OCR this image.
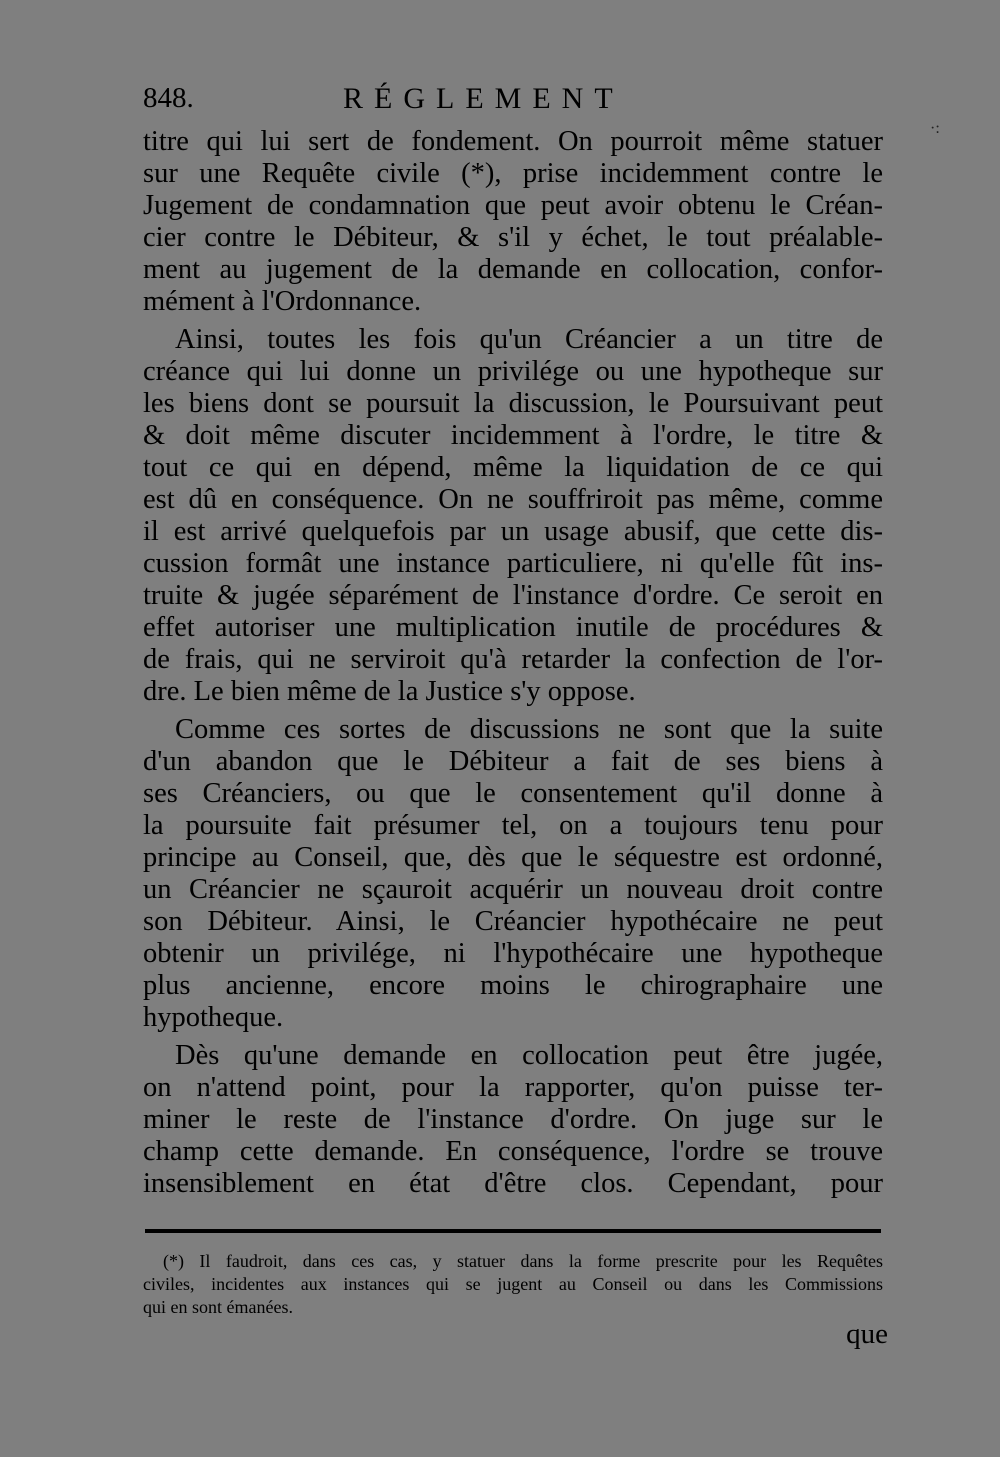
848.	RÉGLEMENT
·:
titre qui lui sert de fondement. On pourroit même statuer
sur une Requête civile (*), prise incidemment contre le
Jugement de condamnation que peut avoir obtenu le Créan-
cier contre le Débiteur, & s'il y échet, le tout préalable-
ment au jugement de la demande en collocation, confor-
mément à l'Ordonnance.
Ainsi, toutes les fois qu'un Créancier a un titre de
créance qui lui donne un privilége ou une hypotheque sur
les biens dont se poursuit la discussion, le Poursuivant peut
& doit même discuter incidemment à l'ordre, le titre &
tout ce qui en dépend, même la liquidation de ce qui
est dû en conséquence. On ne souffriroit pas même, comme
il est arrivé quelquefois par un usage abusif, que cette dis-
cussion formât une instance particuliere, ni qu'elle fût ins-
truite & jugée séparément de l'instance d'ordre. Ce seroit en
effet autoriser une multiplication inutile de procédures &
de frais, qui ne serviroit qu'à retarder la confection de l'or-
dre. Le bien même de la Justice s'y oppose.
Comme ces sortes de discussions ne sont que la suite
d'un abandon que le Débiteur a fait de ses biens à
ses Créanciers, ou que le consentement qu'il donne à
la poursuite fait présumer tel, on a toujours tenu pour
principe au Conseil, que, dès que le séquestre est ordonné,
un Créancier ne sçauroit acquérir un nouveau droit contre
son Débiteur. Ainsi, le Créancier hypothécaire ne peut
obtenir un privilége, ni l'hypothécaire une hypotheque
plus ancienne, encore moins le chirographaire une
hypotheque.
Dès qu'une demande en collocation peut être jugée,
on n'attend point, pour la rapporter, qu'on puisse ter-
miner le reste de l'instance d'ordre. On juge sur le
champ cette demande. En conséquence, l'ordre se trouve
insensiblement en état d'être clos. Cependant, pour
(*) Il faudroit, dans ces cas, y statuer dans la forme prescrite pour les Requêtes
civiles, incidentes aux instances qui se jugent au Conseil ou dans les Commissions
qui en sont émanées.
que
